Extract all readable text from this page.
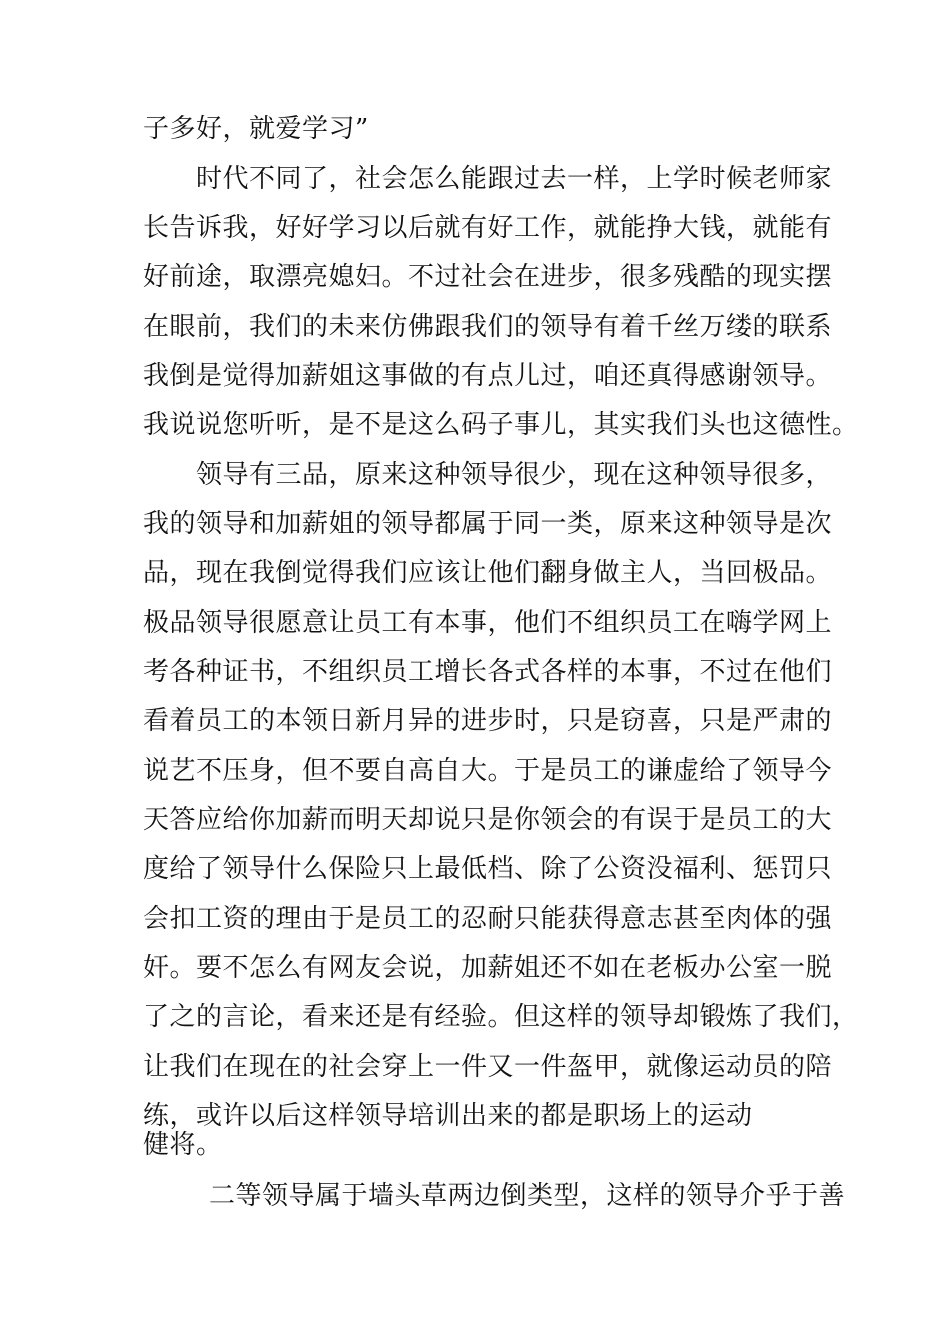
子多好，就爱学习”
时代不同了，社会怎么能跟过去一样，上学时候老师家
长告诉我，好好学习以后就有好工作，就能挣大钱，就能有
好前途，取漂亮媳妇。不过社会在进步，很多残酷的现实摆
在眼前，我们的未来仿佛跟我们的领导有着千丝万缕的联系
我倒是觉得加薪姐这事做的有点儿过，咱还真得感谢领导。
我说说您听听，是不是这么码子事儿，其实我们头也这德性。
领导有三品，原来这种领导很少，现在这种领导很多，
我的领导和加薪姐的领导都属于同一类，原来这种领导是次
品，现在我倒觉得我们应该让他们翻身做主人，当回极品。
极品领导很愿意让员工有本事，他们不组织员工在嗨学网上
考各种证书，不组织员工增长各式各样的本事，不过在他们
看着员工的本领日新月异的进步时，只是窃喜，只是严肃的
说艺不压身，但不要自高自大。于是员工的谦虚给了领导今
天答应给你加薪而明天却说只是你领会的有误于是员工的大
度给了领导什么保险只上最低档、除了公资没福利、惩罚只
会扣工资的理由于是员工的忍耐只能获得意志甚至肉体的强
奸。要不怎么有网友会说，加薪姐还不如在老板办公室一脱
了之的言论，看来还是有经验。但这样的领导却锻炼了我们，
让我们在现在的社会穿上一件又一件盔甲，就像运动员的陪
练，或许以后这样领导培训出来的都是职场上的运动
健将。
二等领导属于墙头草两边倒类型，这样的领导介乎于善
